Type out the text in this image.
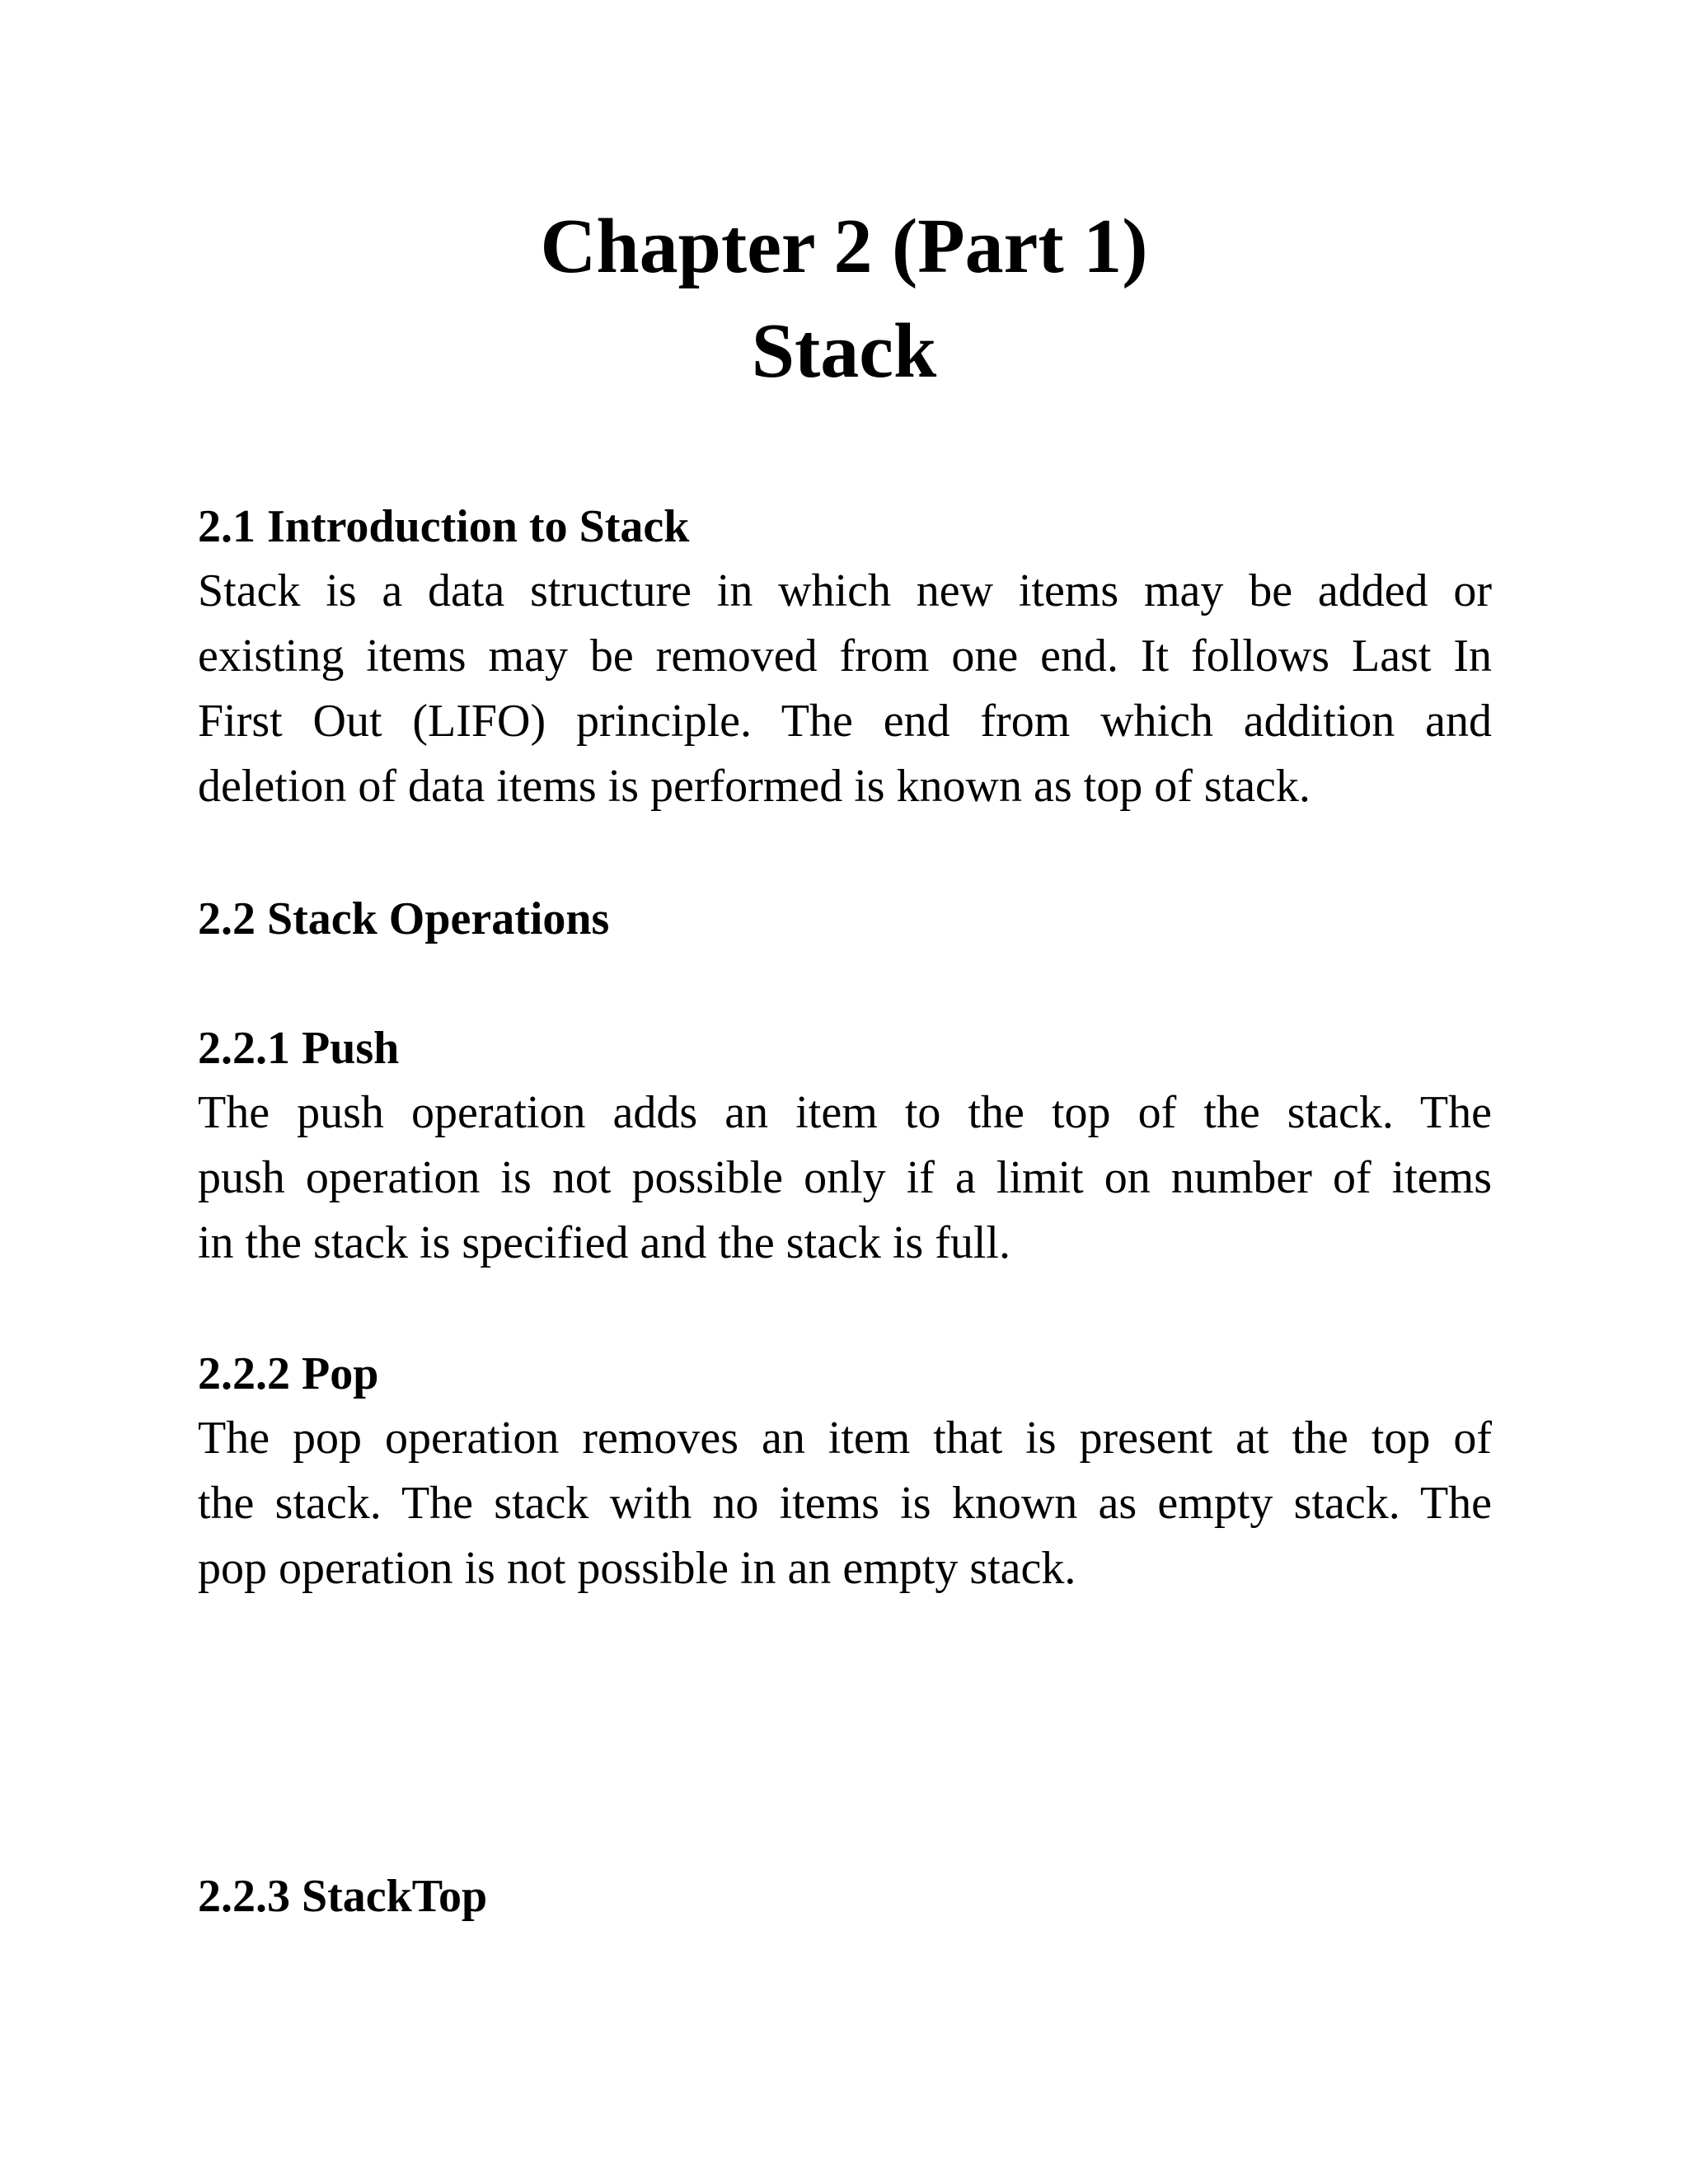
Chapter 2 (Part 1)
Stack
2.1 Introduction to Stack
Stack is a data structure in which new items may be added or
existing items may be removed from one end. It follows Last In
First Out (LIFO) principle. The end from which addition and
deletion of data items is performed is known as top of stack.
2.2 Stack Operations
2.2.1 Push
The push operation adds an item to the top of the stack. The
push operation is not possible only if a limit on number of items
in the stack is specified and the stack is full.
2.2.2 Pop
The pop operation removes an item that is present at the top of
the stack. The stack with no items is known as empty stack. The
pop operation is not possible in an empty stack.
2.2.3 StackTop
